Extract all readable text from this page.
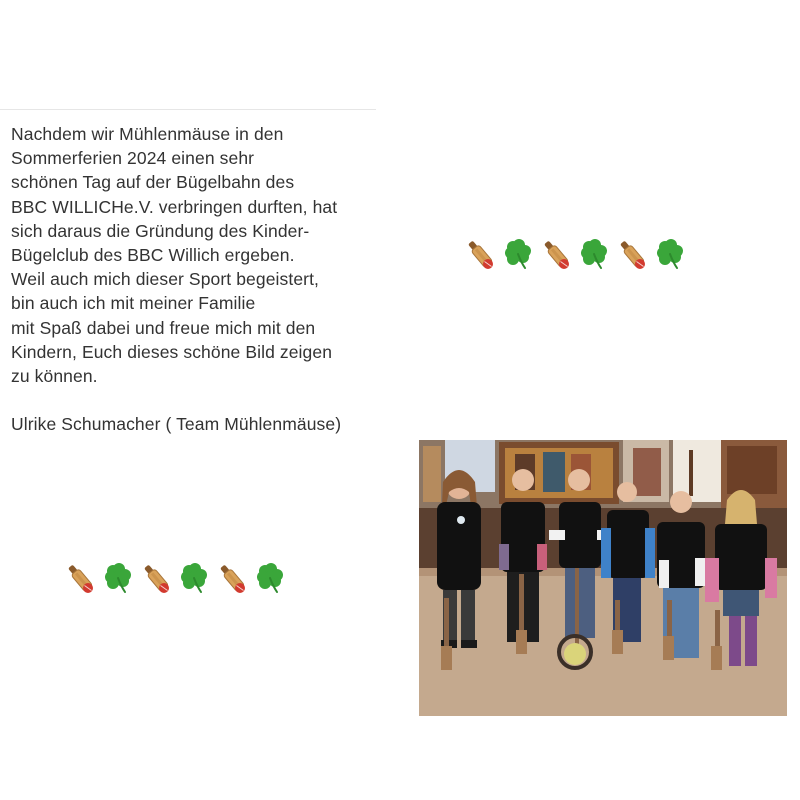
Nachdem wir Mühlenmäuse in den
Sommerferien 2024 einen sehr
schönen Tag auf der Bügelbahn des
BBC WILLICHe.V. verbringen durften, hat
sich daraus die Gründung des Kinder-
Bügelclub des BBC Willich ergeben.
Weil auch mich dieser Sport begeistert,
bin auch ich mit meiner Familie
mit Spaß dabei und freue mich mit den
Kindern, Euch dieses schöne Bild zeigen
zu können.
Ulrike Schumacher ( Team Mühlenmäuse)
